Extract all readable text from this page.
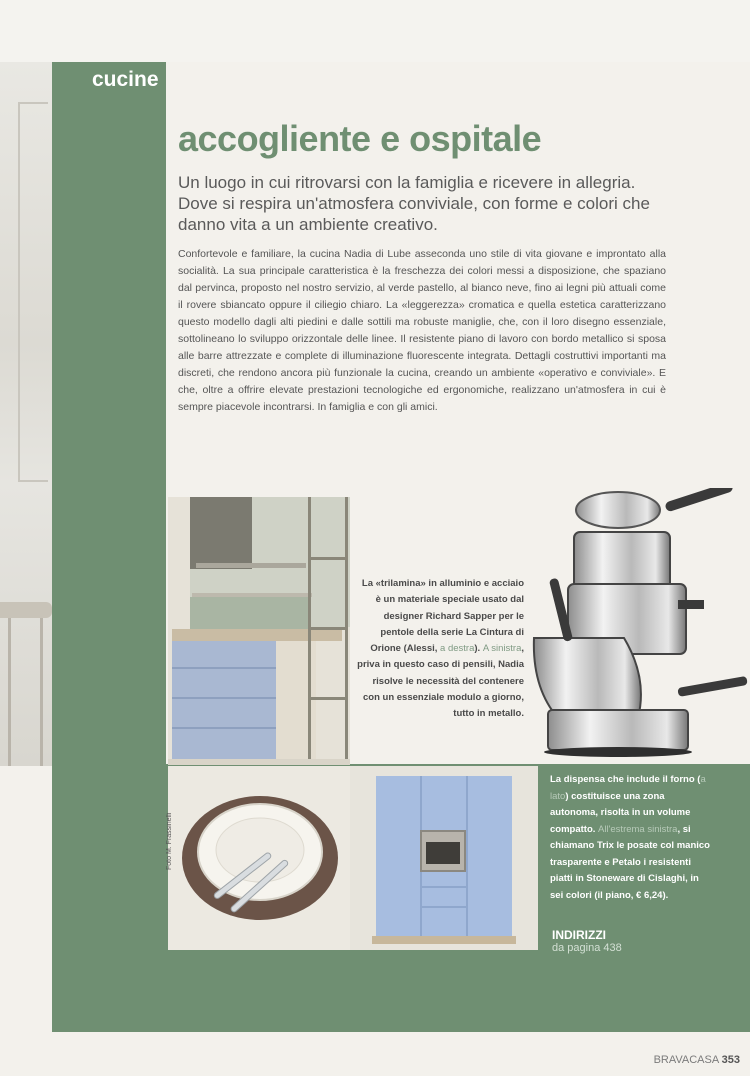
cucine
accogliente e ospitale

Un luogo in cui ritrovarsi con la famiglia e ricevere in allegria. Dove si respira un'atmosfera conviviale, con forme e colori che danno vita a un ambiente creativo.

Confortevole e familiare, la cucina Nadia di Lube asseconda uno stile di vita giovane e improntato alla socialità. La sua principale caratteristica è la freschezza dei colori messi a disposizione, che spaziano dal pervinca, proposto nel nostro servizio, al verde pastello, al bianco neve, fino ai legni più attuali come il rovere sbiancato oppure il ciliegio chiaro. La «leggerezza» cromatica e quella estetica caratterizzano questo modello dagli alti piedini e dalle sottili ma robuste maniglie, che, con il loro disegno essenziale, sottolineano lo sviluppo orizzontale delle linee. Il resistente piano di lavoro con bordo metallico si sposa alle barre attrezzate e complete di illuminazione fluorescente integrata. Dettagli costruttivi importanti ma discreti, che rendono ancora più funzionale la cucina, creando un ambiente «operativo e conviviale». E che, oltre a offrire elevate prestazioni tecnologiche ed ergonomiche, realizzano un'atmosfera in cui è sempre piacevole incontrarsi. In famiglia e con gli amici.

La «trilamina» in alluminio e acciaio è un materiale speciale usato dal designer Richard Sapper per le pentole della serie La Cintura di Orione (Alessi, a destra). A sinistra, priva in questo caso di pensili, Nadia risolve le necessità del contenere con un essenziale modulo a giorno, tutto in metallo.

Foto M. Frassinelli

La dispensa che include il forno (a lato) costituisce una zona autonoma, risolta in un volume compatto. All'estrema sinistra, si chiamano Trix le posate col manico trasparente e Petalo i resistenti piatti in Stoneware di Cislaghi, in sei colori (il piano, € 6,24).

INDIRIZZI
da pagina 438
BRAVACASA 353
